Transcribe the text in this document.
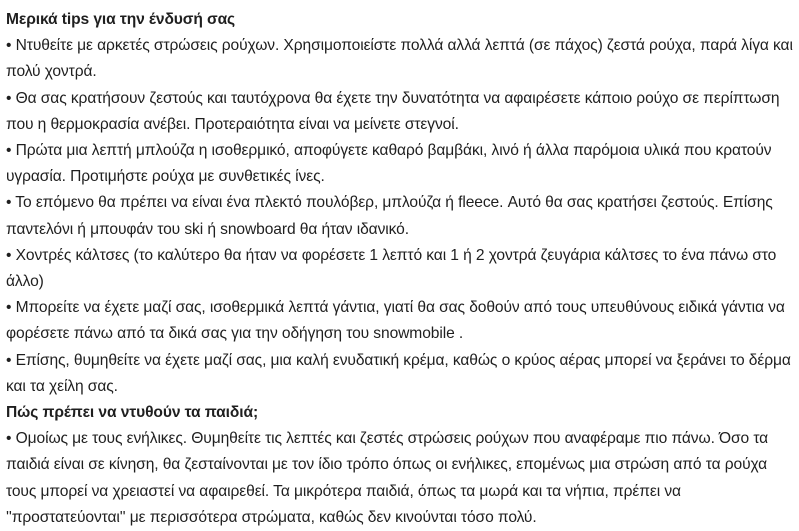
Μερικά tips για την ένδυσή σας

• Ντυθείτε με αρκετές στρώσεις ρούχων. Χρησιμοποιείστε πολλά αλλά λεπτά (σε πάχος) ζεστά ρούχα, παρά λίγα και πολύ χοντρά.

• Θα σας κρατήσουν ζεστούς και ταυτόχρονα θα έχετε την δυνατότητα να αφαιρέσετε κάποιο ρούχο σε περίπτωση που η θερμοκρασία ανέβει. Προτεραιότητα είναι να μείνετε στεγνοί.

• Πρώτα μια λεπτή μπλούζα η ισοθερμικό, αποφύγετε καθαρό βαμβάκι, λινό ή άλλα παρόμοια υλικά που κρατούν υγρασία. Προτιμήστε ρούχα με συνθετικές ίνες.

• Το επόμενο θα πρέπει να είναι ένα πλεκτό πουλόβερ, μπλούζα ή fleece. Αυτό θα σας κρατήσει ζεστούς. Επίσης παντελόνι ή μπουφάν του ski ή snowboard θα ήταν ιδανικό.

• Χοντρές κάλτσες (το καλύτερο θα ήταν να φορέσετε 1 λεπτό και 1 ή 2 χοντρά ζευγάρια κάλτσες το ένα πάνω στο άλλο)

• Μπορείτε να έχετε μαζί σας, ισοθερμικά λεπτά γάντια, γιατί θα σας δοθούν από τους υπευθύνους ειδικά γάντια να φορέσετε πάνω από τα δικά σας για την οδήγηση του snowmobile .

• Επίσης, θυμηθείτε να έχετε μαζί σας, μια καλή ενυδατική κρέμα, καθώς ο κρύος αέρας μπορεί να ξεράνει το δέρμα και τα χείλη σας.

Πώς πρέπει να ντυθούν τα παιδιά;

• Ομοίως με τους ενήλικες. Θυμηθείτε τις λεπτές και ζεστές στρώσεις ρούχων που αναφέραμε πιο πάνω. Όσο τα παιδιά είναι σε κίνηση, θα ζεσταίνονται με τον ίδιο τρόπο όπως οι ενήλικες, επομένως μια στρώση από τα ρούχα τους μπορεί να χρειαστεί να αφαιρεθεί. Τα μικρότερα παιδιά, όπως τα μωρά και τα νήπια, πρέπει να ''προστατεύονται'' με περισσότερα στρώματα, καθώς δεν κινούνται τόσο πολύ.
